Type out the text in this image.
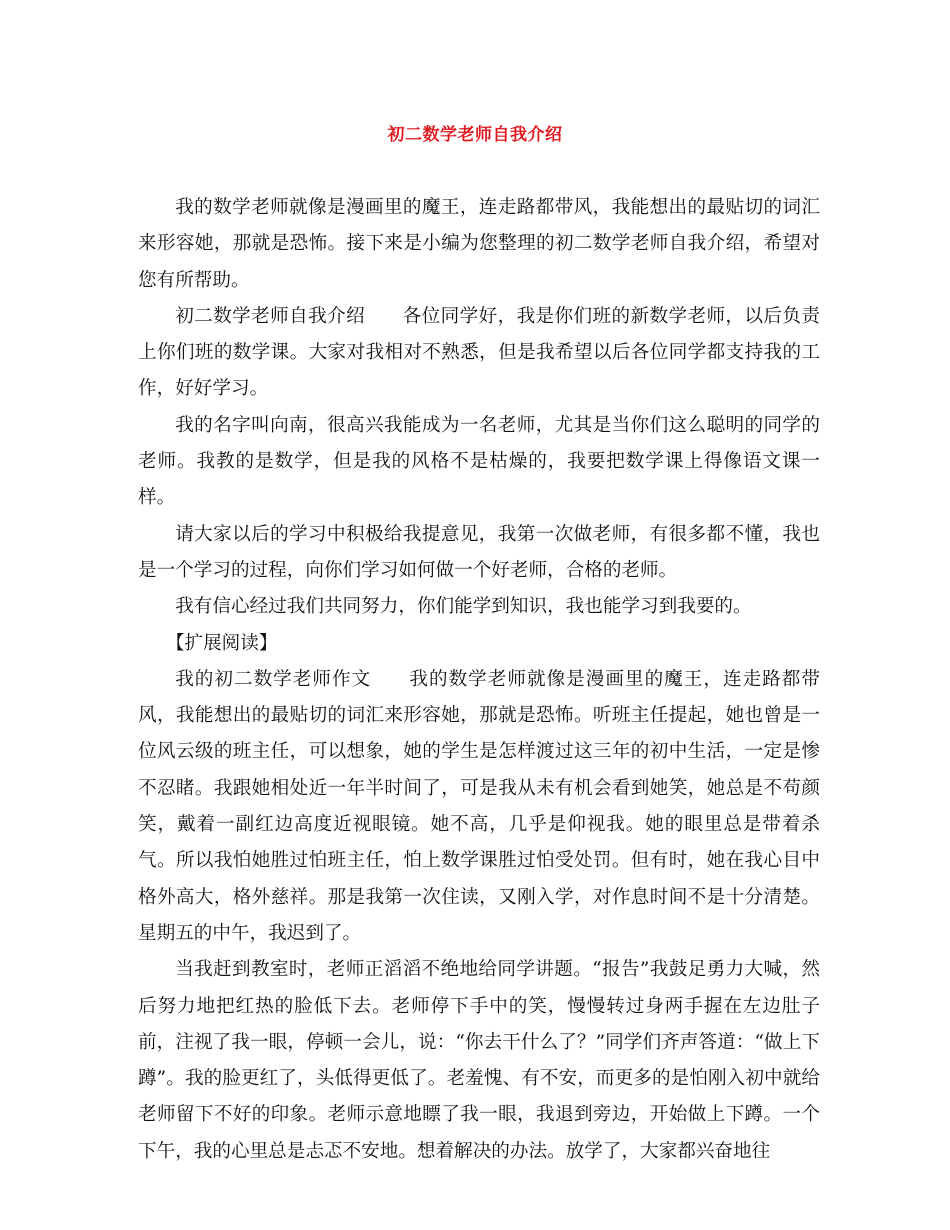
初二数学老师自我介绍

我的数学老师就像是漫画里的魔王，连走路都带风，我能想出的最贴切的词汇来形容她，那就是恐怖。接下来是小编为您整理的初二数学老师自我介绍，希望对您有所帮助。

初二数学老师自我介绍 各位同学好，我是你们班的新数学老师，以后负责上你们班的数学课。大家对我相对不熟悉，但是我希望以后各位同学都支持我的工作，好好学习。

我的名字叫向南，很高兴我能成为一名老师，尤其是当你们这么聪明的同学的老师。我教的是数学，但是我的风格不是枯燥的，我要把数学课上得像语文课一样。

请大家以后的学习中积极给我提意见，我第一次做老师，有很多都不懂，我也是一个学习的过程，向你们学习如何做一个好老师，合格的老师。

我有信心经过我们共同努力，你们能学到知识，我也能学习到我要的。

【扩展阅读】

我的初二数学老师作文 我的数学老师就像是漫画里的魔王，连走路都带风，我能想出的最贴切的词汇来形容她，那就是恐怖。听班主任提起，她也曾是一位风云级的班主任，可以想象，她的学生是怎样渡过这三年的初中生活，一定是惨不忍睹。我跟她相处近一年半时间了，可是我从未有机会看到她笑，她总是不苟颜笑，戴着一副红边高度近视眼镜。她不高，几乎是仰视我。她的眼里总是带着杀气。所以我怕她胜过怕班主任，怕上数学课胜过怕受处罚。但有时，她在我心目中格外高大，格外慈祥。那是我第一次住读，又刚入学，对作息时间不是十分清楚。星期五的中午，我迟到了。

当我赶到教室时，老师正滔滔不绝地给同学讲题。“报告”我鼓足勇力大喊，然后努力地把红热的脸低下去。老师停下手中的笑，慢慢转过身两手握在左边肚子前，注视了我一眼，停顿一会儿，说：“你去干什么了？”同学们齐声答道：“做上下蹲”。我的脸更红了，头低得更低了。老羞愧、有不安，而更多的是怕刚入初中就给老师留下不好的印象。老师示意地瞟了我一眼，我退到旁边，开始做上下蹲。一个下午，我的心里总是忐忑不安地。想着解决的办法。放学了，大家都兴奋地往
